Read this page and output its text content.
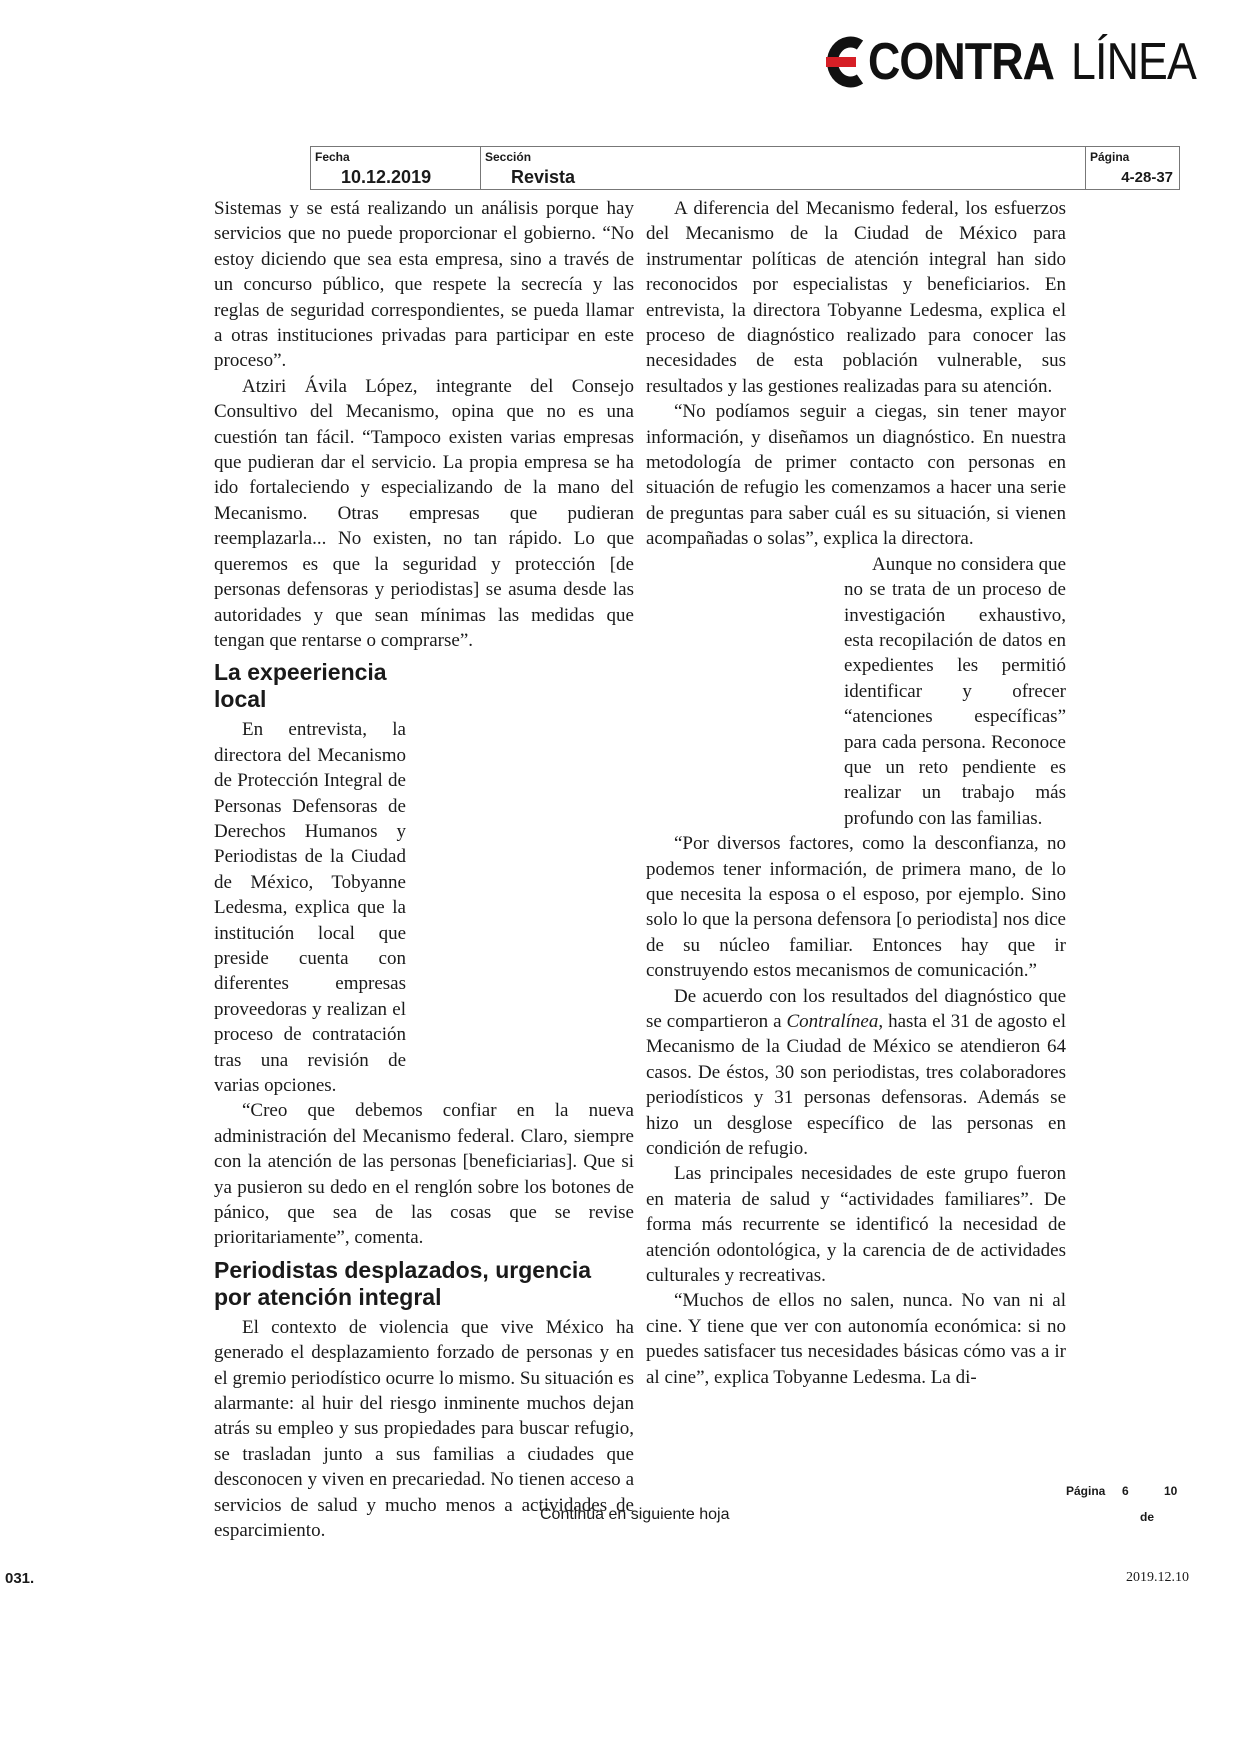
CONTRA LÍNEA
Fecha
10.12.2019
Sección
Revista
Página
4-28-37

Sistemas y se está realizando un análisis porque hay servicios que no puede proporcionar el gobierno. “No estoy diciendo que sea esta empresa, sino a través de un concurso público, que respete la secrecía y las reglas de seguridad correspondientes, se pueda llamar a otras instituciones privadas para participar en este proceso”.

Atziri Ávila López, integrante del Consejo Consultivo del Mecanismo, opina que no es una cuestión tan fácil. “Tampoco existen varias empresas que pudieran dar el servicio. La propia empresa se ha ido fortaleciendo y especializando de la mano del Mecanismo. Otras empresas que pudieran reemplazarla... No existen, no tan rápido. Lo que queremos es que la seguridad y protección [de personas defensoras y periodistas] se asuma desde las autoridades y que sean mínimas las medidas que tengan que rentarse o comprarse”.

La expeeriencia local

En entrevista, la directora del Mecanismo de Protección Integral de Personas Defensoras de Derechos Humanos y Periodistas de la Ciudad de México, Tobyanne Ledesma, explica que la institución local que preside cuenta con diferentes empresas proveedoras y realizan el proceso de contratación tras una revisión de varias opciones.

“Creo que debemos confiar en la nueva administración del Mecanismo federal. Claro, siempre con la atención de las personas [beneficiarias]. Que si ya pusieron su dedo en el renglón sobre los botones de pánico, que sea de las cosas que se revise prioritariamente”, comenta.

Periodistas desplazados, urgencia por atención integral

El contexto de violencia que vive México ha generado el desplazamiento forzado de personas y en el gremio periodístico ocurre lo mismo. Su situación es alarmante: al huir del riesgo inminente muchos dejan atrás su empleo y sus propiedades para buscar refugio, se trasladan junto a sus familias a ciudades que desconocen y viven en precariedad. No tienen acceso a servicios de salud y mucho menos a actividades de esparcimiento.

A diferencia del Mecanismo federal, los esfuerzos del Mecanismo de la Ciudad de México para instrumentar políticas de atención integral han sido reconocidos por especialistas y beneficiarios. En entrevista, la directora Tobyanne Ledesma, explica el proceso de diagnóstico realizado para conocer las necesidades de esta población vulnerable, sus resultados y las gestiones realizadas para su atención.

“No podíamos seguir a ciegas, sin tener mayor información, y diseñamos un diagnóstico. En nuestra metodología de primer contacto con personas en situación de refugio les comenzamos a hacer una serie de preguntas para saber cuál es su situación, si vienen acompañadas o solas”, explica la directora.

Aunque no considera que no se trata de un proceso de investigación exhaustivo, esta recopilación de datos en expedientes les permitió identificar y ofrecer “atenciones específicas” para cada persona. Reconoce que un reto pendiente es realizar un trabajo más profundo con las familias.

“Por diversos factores, como la desconfianza, no podemos tener información, de primera mano, de lo que necesita la esposa o el esposo, por ejemplo. Sino solo lo que la persona defensora [o periodista] nos dice de su núcleo familiar. Entonces hay que ir construyendo estos mecanismos de comunicación.”

De acuerdo con los resultados del diagnóstico que se compartieron a Contralínea, hasta el 31 de agosto el Mecanismo de la Ciudad de México se atendieron 64 casos. De éstos, 30 son periodistas, tres colaboradores periodísticos y 31 personas defensoras. Además se hizo un desglose específico de las personas en condición de refugio.

Las principales necesidades de este grupo fueron en materia de salud y “actividades familiares”. De forma más recurrente se identificó la necesidad de atención odontológica, y la carencia de de actividades culturales y recreativas.

“Muchos de ellos no salen, nunca. No van ni al cine. Y tiene que ver con autonomía económica: si no puedes satisfacer tus necesidades básicas cómo vas a ir al cine”, explica Tobyanne Ledesma. La di-

Continúa en siguiente hoja
Página 6	10
de
031.	2019.12.10
